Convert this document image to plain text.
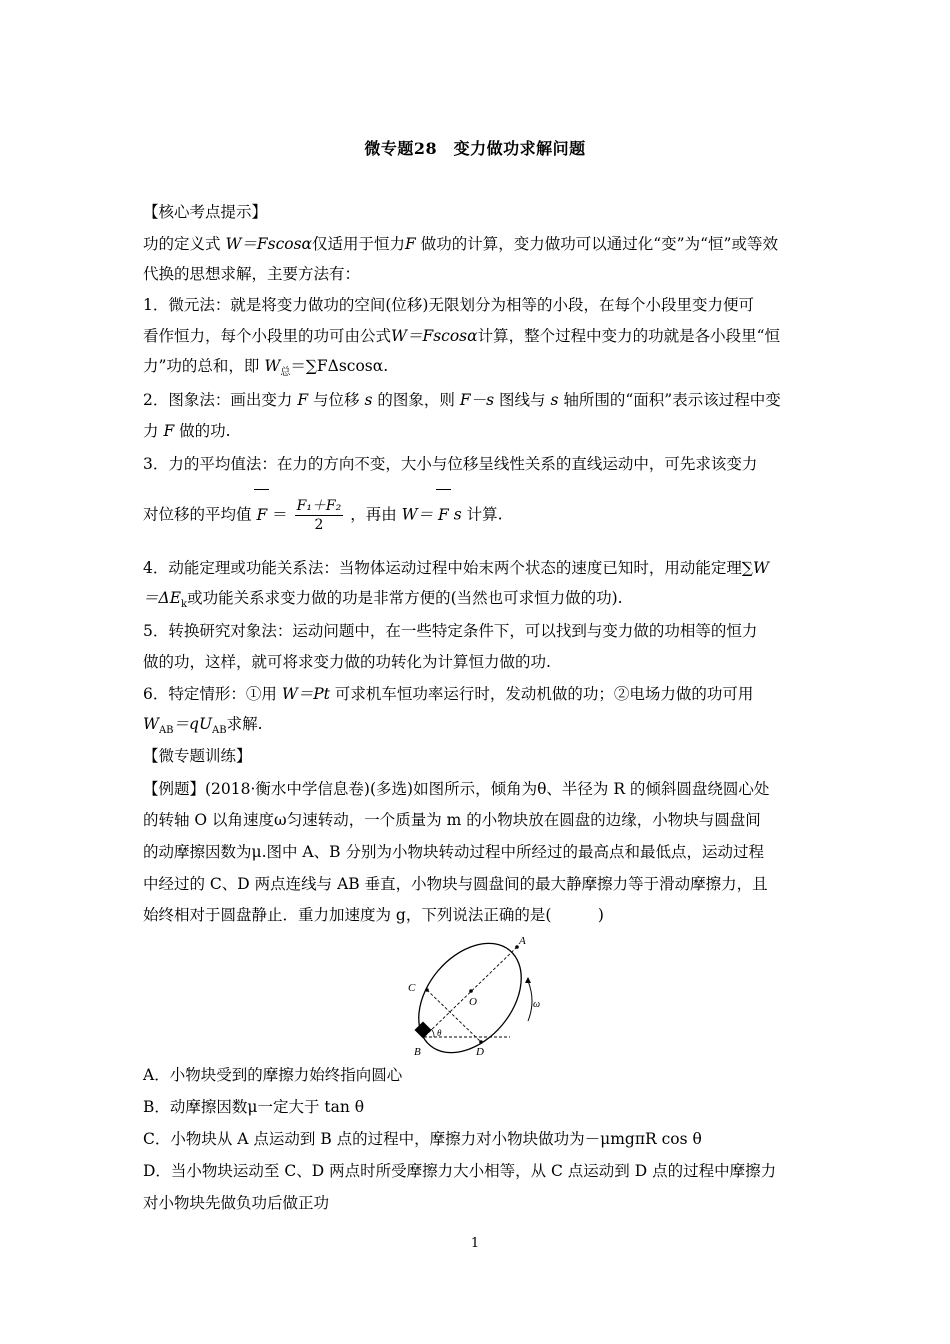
微专题28　变力做功求解问题
【核心考点提示】
功的定义式 W＝Fscosα仅适用于恒力F 做功的计算，变力做功可以通过化“变”为“恒”或等效
代换的思想求解，主要方法有：
1．微元法：就是将变力做功的空间(位移)无限划分为相等的小段，在每个小段里变力便可
看作恒力，每个小段里的功可由公式W＝Fscosα计算，整个过程中变力的功就是各小段里“恒
力”功的总和，即 $W_总=\sum F\Delta scos\alpha$.
2．图象法：画出变力 F 与位移 s 的图象，则 F－s 图线与 s 轴所围的“面积”表示该过程中变
力 F 做的功.
3．力的平均值法：在力的方向不变，大小与位移呈线性关系的直线运动中，可先求该变力
对位移的平均值 $F = \frac{\text{F₁＋F₂}}{2}$ ，再由 W＝ F s 计算.
4．动能定理或功能关系法：当物体运动过程中始末两个状态的速度已知时，用动能定理∑W
$=\Delta E_k$或功能关系求变力做的功是非常方便的(当然也可求恒力做的功).
5．转换研究对象法：运动问题中，在一些特定条件下，可以找到与变力做的功相等的恒力
做的功，这样，就可将求变力做的功转化为计算恒力做的功.
6．特定情形：①用 W＝Pt 可求机车恒功率运行时，发动机做的功；②电场力做的功可用
$W_{AB}=qU_{AB}$求解.
【微专题训练】
【例题】(2018·衡水中学信息卷)(多选)如图所示，倾角为θ、半径为 R 的倾斜圆盘绕圆心处
的转轴 O 以角速度ω匀速转动，一个质量为 m 的小物块放在圆盘的边缘，小物块与圆盘间
的动摩擦因数为μ.图中 A、B 分别为小物块转动过程中所经过的最高点和最低点，运动过程
中经过的 C、D 两点连线与 AB 垂直，小物块与圆盘间的最大静摩擦力等于滑动摩擦力，且
始终相对于圆盘静止．重力加速度为 g，下列说法正确的是(　　　)
A
B
C
D
O
θ
ω
A．小物块受到的摩擦力始终指向圆心
B．动摩擦因数μ一定大于 tan θ
C．小物块从 A 点运动到 B 点的过程中，摩擦力对小物块做功为－μmgπR cos θ
D．当小物块运动至 C、D 两点时所受摩擦力大小相等，从 C 点运动到 D 点的过程中摩擦力
对小物块先做负功后做正功
1
